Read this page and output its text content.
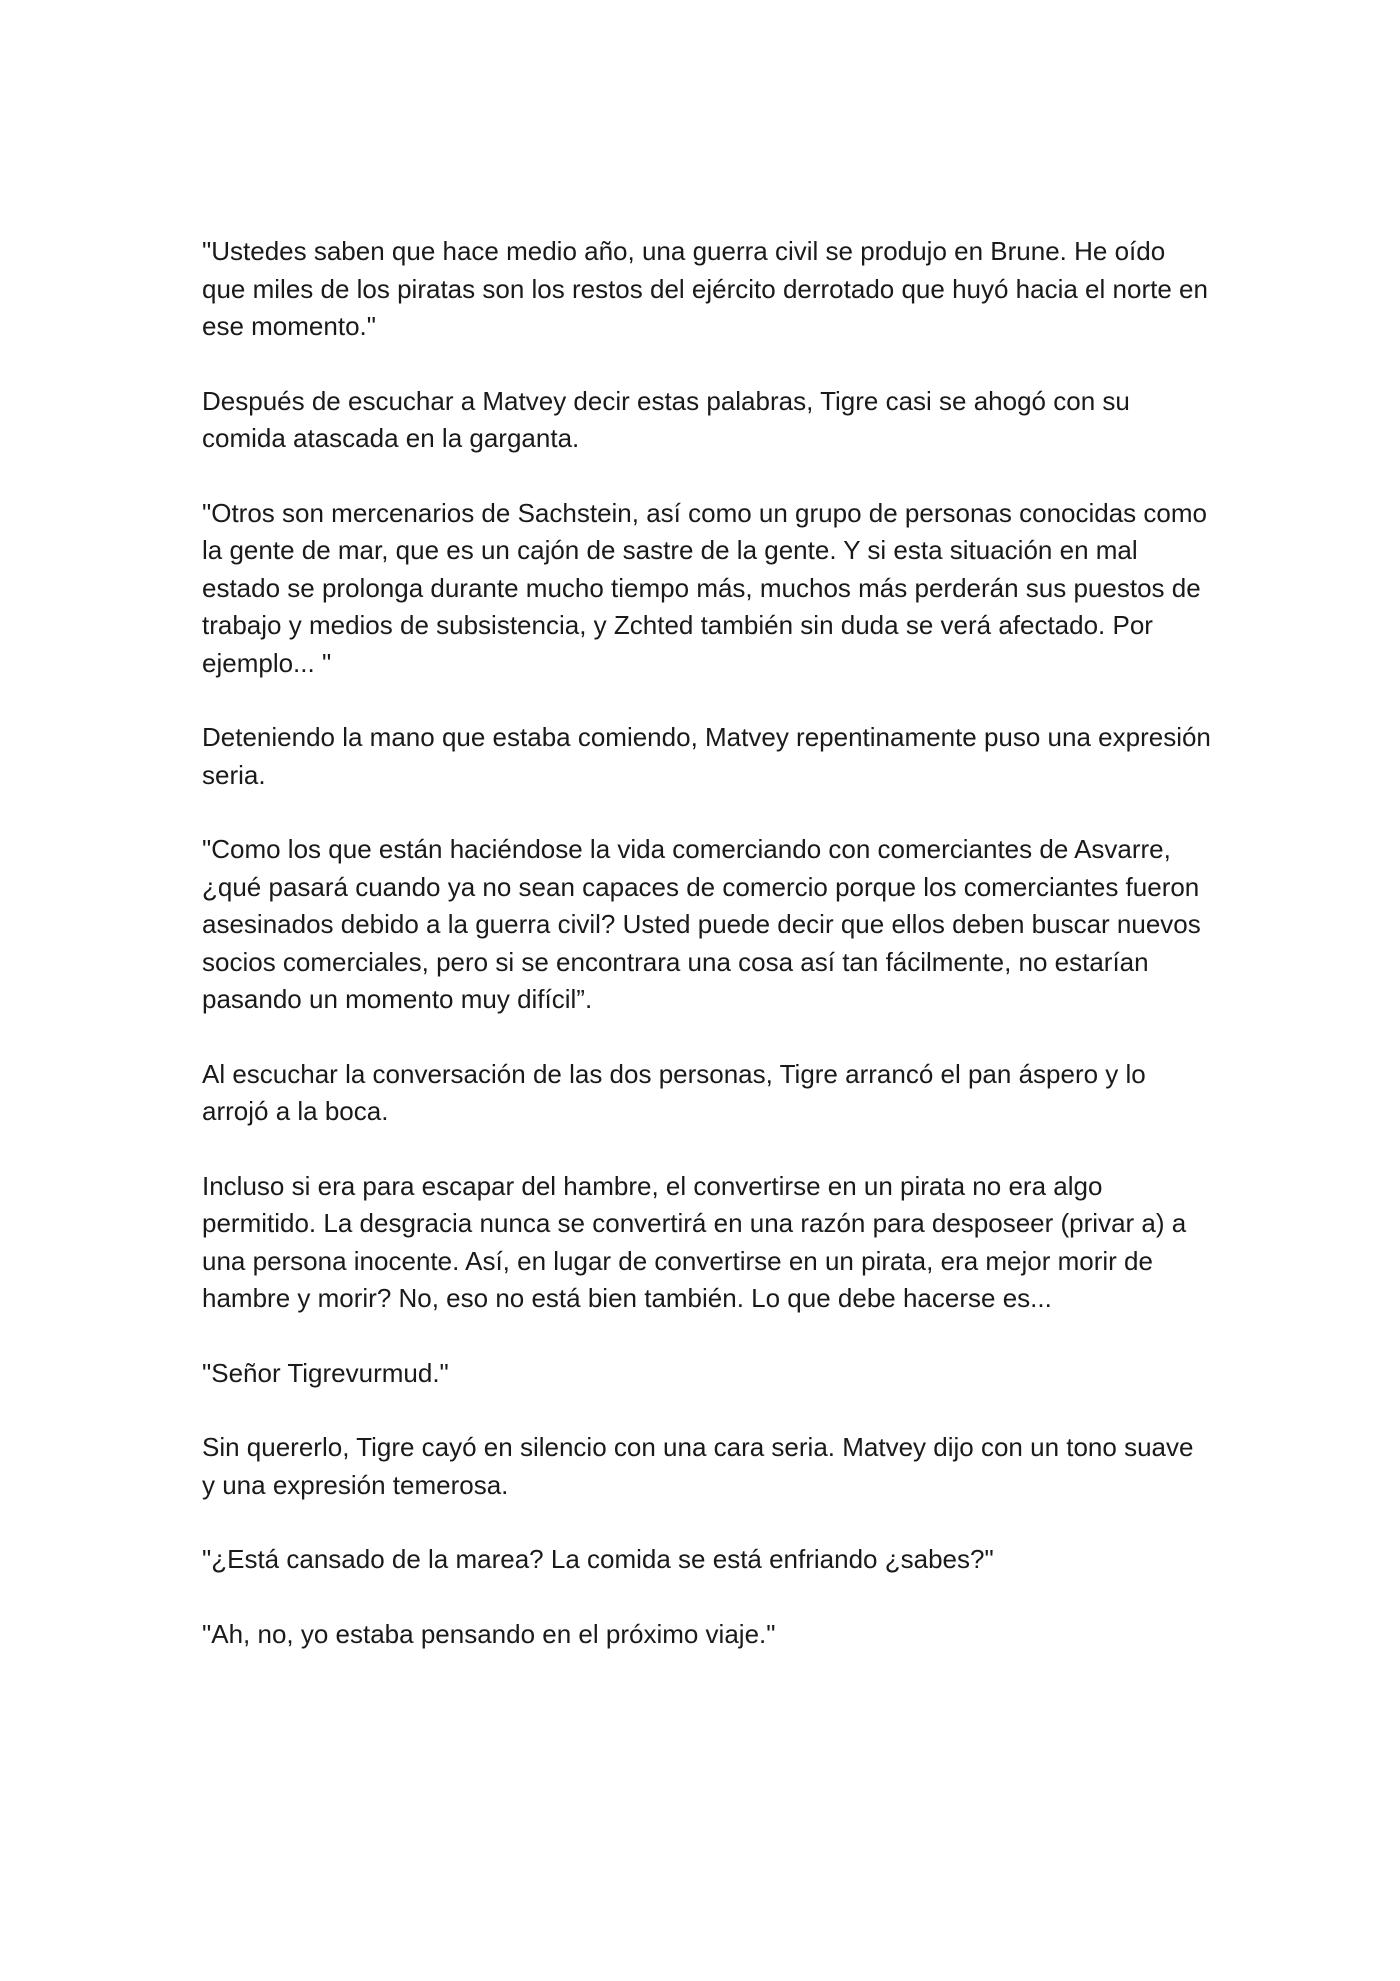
"Ustedes saben que hace medio año, una guerra civil se produjo en Brune. He oído que miles de los piratas son los restos del ejército derrotado que huyó hacia el norte en ese momento."

Después de escuchar a Matvey decir estas palabras, Tigre casi se ahogó con su comida atascada en la garganta.

"Otros son mercenarios de Sachstein, así como un grupo de personas conocidas como la gente de mar, que es un cajón de sastre de la gente. Y si esta situación en mal estado se prolonga durante mucho tiempo más, muchos más perderán sus puestos de trabajo y medios de subsistencia, y Zchted también sin duda se verá afectado. Por ejemplo... "

Deteniendo la mano que estaba comiendo, Matvey repentinamente puso una expresión seria.

"Como los que están haciéndose la vida comerciando con comerciantes de Asvarre, ¿qué pasará cuando ya no sean capaces de comercio porque los comerciantes fueron asesinados debido a la guerra civil? Usted puede decir que ellos deben buscar nuevos socios comerciales, pero si se encontrara una cosa así tan fácilmente, no estarían pasando un momento muy difícil”.

Al escuchar la conversación de las dos personas, Tigre arrancó el pan áspero y lo arrojó a la boca.

Incluso si era para escapar del hambre, el convertirse en un pirata no era algo permitido. La desgracia nunca se convertirá en una razón para desposeer (privar a) a una persona inocente. Así, en lugar de convertirse en un pirata, era mejor morir de hambre y morir? No, eso no está bien también. Lo que debe hacerse es...

"Señor Tigrevurmud."

Sin quererlo, Tigre cayó en silencio con una cara seria. Matvey dijo con un tono suave y una expresión temerosa.

"¿Está cansado de la marea? La comida se está enfriando ¿sabes?"

"Ah, no, yo estaba pensando en el próximo viaje."
